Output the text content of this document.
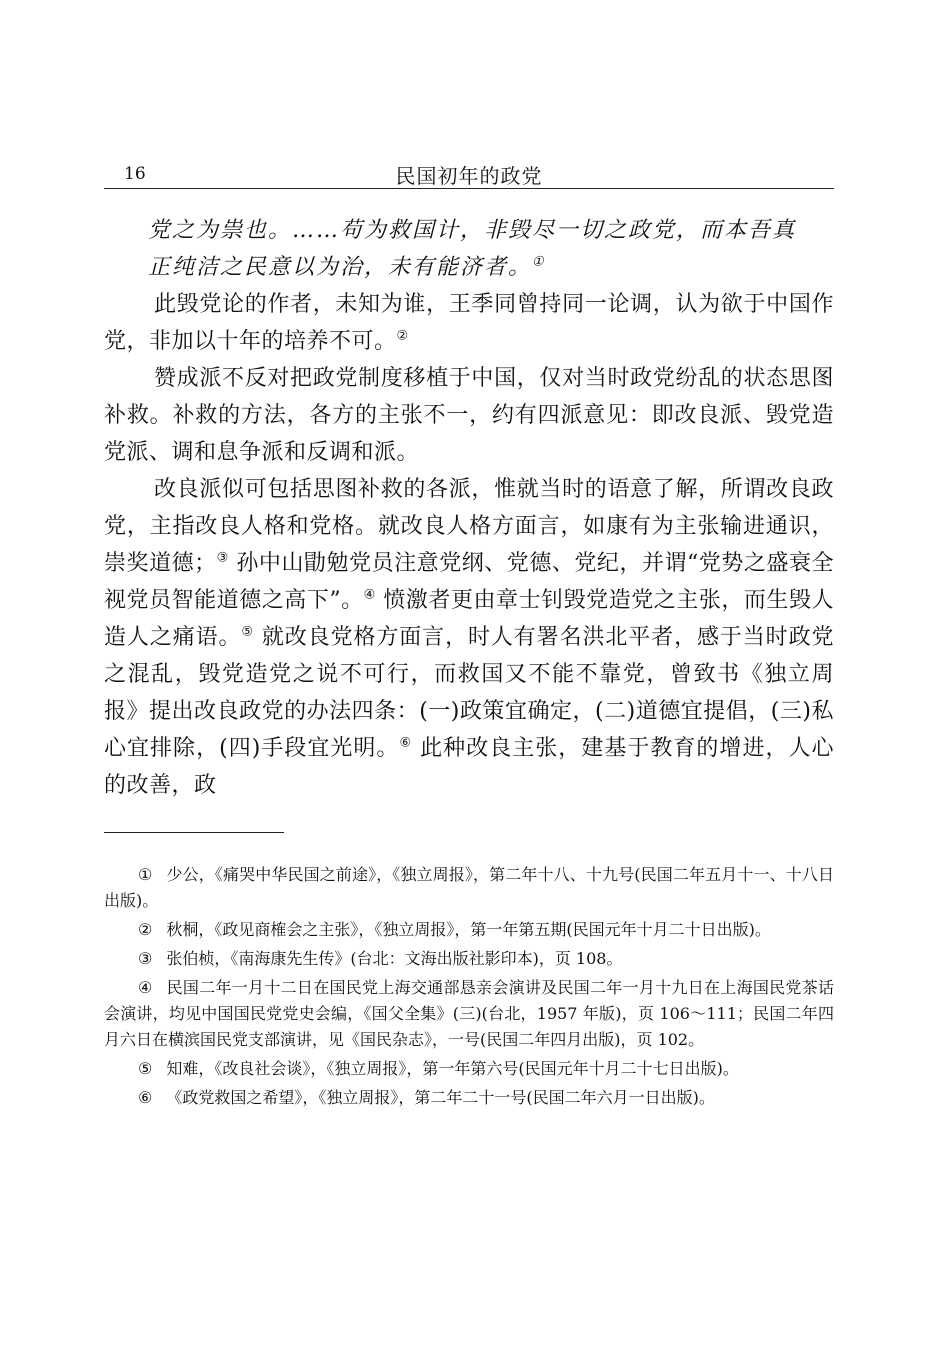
16	民国初年的政党

党之为祟也。……苟为救国计，非毁尽一切之政党，而本吾真

正纯洁之民意以为治，未有能济者。①

此毁党论的作者，未知为谁，王季同曾持同一论调，认为欲于中国作党，非加以十年的培养不可。②

赞成派不反对把政党制度移植于中国，仅对当时政党纷乱的状态思图补救。补救的方法，各方的主张不一，约有四派意见：即改良派、毁党造党派、调和息争派和反调和派。

改良派似可包括思图补救的各派，惟就当时的语意了解，所谓改良政党，主指改良人格和党格。就改良人格方面言，如康有为主张输进通识，崇奖道德；③ 孙中山勖勉党员注意党纲、党德、党纪，并谓“党势之盛衰全视党员智能道德之高下”。④ 愤激者更由章士钊毁党造党之主张，而生毁人造人之痛语。⑤ 就改良党格方面言，时人有署名洪北平者，感于当时政党之混乱，毁党造党之说不可行，而救国又不能不靠党，曾致书《独立周报》提出改良政党的办法四条：(一)政策宜确定，(二)道德宜提倡，(三)私心宜排除，(四)手段宜光明。⑥ 此种改良主张，建基于教育的增进，人心的改善，政

① 少公，《痛哭中华民国之前途》，《独立周报》，第二年十八、十九号(民国二年五月十一、十八日出版)。

② 秋桐，《政见商榷会之主张》，《独立周报》，第一年第五期(民国元年十月二十日出版)。

③ 张伯桢，《南海康先生传》(台北：文海出版社影印本)，页 108。

④ 民国二年一月十二日在国民党上海交通部恳亲会演讲及民国二年一月十九日在上海国民党茶话会演讲，均见中国国民党党史会编，《国父全集》(三)(台北，1957 年版)，页 106～111；民国二年四月六日在横滨国民党支部演讲，见《国民杂志》，一号(民国二年四月出版)，页 102。

⑤ 知难，《改良社会谈》，《独立周报》，第一年第六号(民国元年十月二十七日出版)。

⑥ 《政党救国之希望》，《独立周报》，第二年二十一号(民国二年六月一日出版)。
